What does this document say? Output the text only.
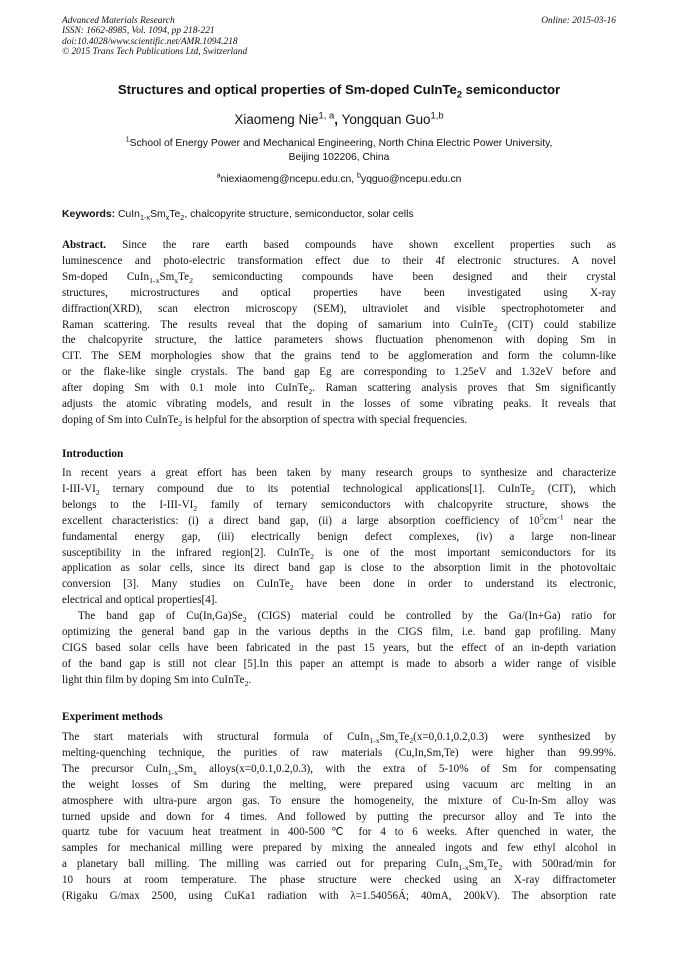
Advanced Materials Research
ISSN: 1662-8985, Vol. 1094, pp 218-221
doi:10.4028/www.scientific.net/AMR.1094.218
© 2015 Trans Tech Publications Ltd, Switzerland
Online: 2015-03-16
Structures and optical properties of Sm-doped CuInTe$_2$ semiconductor
Xiaomeng Nie$^{1, a}$, Yongquan Guo$^{1,b}$
$^1$School of Energy Power and Mechanical Engineering, North China Electric Power University,
Beijing 102206, China
$^a$niexiaomeng@ncepu.edu.cn, $^b$yqguo@ncepu.edu.cn
Keywords: $CuIn_{1-x}Sm_xTe_2$, chalcopyrite structure, semiconductor, solar cells
Abstract. Since the rare earth based compounds have shown excellent properties such as
luminescence and photo-electric transformation effect due to their 4f electronic structures. A novel
Sm-doped $CuIn_{1-x}Sm_xTe_2$ semiconducting compounds have been designed and their crystal
structures, microstructures and optical properties have been investigated using X-ray
diffraction(XRD), scan electron microscopy (SEM), ultraviolet and visible spectrophotometer and
Raman scattering. The results reveal that the doping of samarium into CuInTe$_2$ (CIT) could stabilize
the chalcopyrite structure, the lattice parameters shows fluctuation phenomenon with doping Sm in
CIT. The SEM morphologies show that the grains tend to be agglomeration and form the column-like
or the flake-like single crystals. The band gap Eg are corresponding to 1.25eV and 1.32eV before and
after doping Sm with 0.1 mole into CuInTe$_2$. Raman scattering analysis proves that Sm significantly
adjusts the atomic vibrating models, and result in the losses of some vibrating peaks. It reveals that
doping of Sm into CuInTe$_2$ is helpful for the absorption of spectra with special frequencies.
Introduction
In recent years a great effort has been taken by many research groups to synthesize and characterize
$I-III-VI_2$ ternary compound due to its potential technological applications[1]. CuInTe$_2$ (CIT), which
belongs to the $I-III-VI_2$ family of ternary semiconductors with chalcopyrite structure, shows the
excellent characteristics: (i) a direct band gap, (ii) a large absorption coefficiency of $10^5cm^{-1}$ near the
fundamental energy gap, (iii) electrically benign defect complexes, (iv) a large non-linear
susceptibility in the infrared region[2]. CuInTe$_2$ is one of the most important semiconductors for its
application as solar cells, since its direct band gap is close to the absorption limit in the photovoltaic
conversion [3]. Many studies on CuInTe$_2$ have been done in order to understand its electronic,
electrical and optical properties[4].
The band gap of $Cu(In,Ga)Se_2$ (CIGS) material could be controlled by the Ga/(In+Ga) ratio for
optimizing the general band gap in the various depths in the CIGS film, i.e. band gap profiling. Many
CIGS based solar cells have been fabricated in the past 15 years, but the effect of an in-depth variation
of the band gap is still not clear [5].In this paper an attempt is made to absorb a wider range of visible
light thin film by doping Sm into CuInTe$_2$.
Experiment methods
The start materials with structural formula of $CuIn_{1-x}Sm_xTe_2(x=0,0.1,0.2,0.3)$ were synthesized by
melting-quenching technique, the purities of raw materials (Cu,In,Sm,Te) were higher than 99.99%.
The precursor $CuIn_{1-x}Sm_x$ alloys(x=0,0.1,0.2,0.3), with the extra of 5-10% of Sm for compensating
the weight losses of Sm during the melting, were prepared using vacuum arc melting in an
atmosphere with ultra-pure argon gas. To ensure the homogeneity, the mixture of Cu-In-Sm alloy was
turned upside and down for 4 times. And followed by putting the precursor alloy and Te into the
quartz tube for vacuum heat treatment in 400-500℃ for 4 to 6 weeks. After quenched in water, the
samples for mechanical milling were prepared by mixing the annealed ingots and few ethyl alcohol in
a planetary ball milling. The milling was carried out for preparing $CuIn_{1-x}Sm_xTe_2$ with 500rad/min for
10 hours at room temperature. The phase structure were checked using an X-ray diffractometer
(Rigaku G/max 2500, using CuKa1 radiation with λ=1.54056Á; 40mA, 200kV). The absorption rate
